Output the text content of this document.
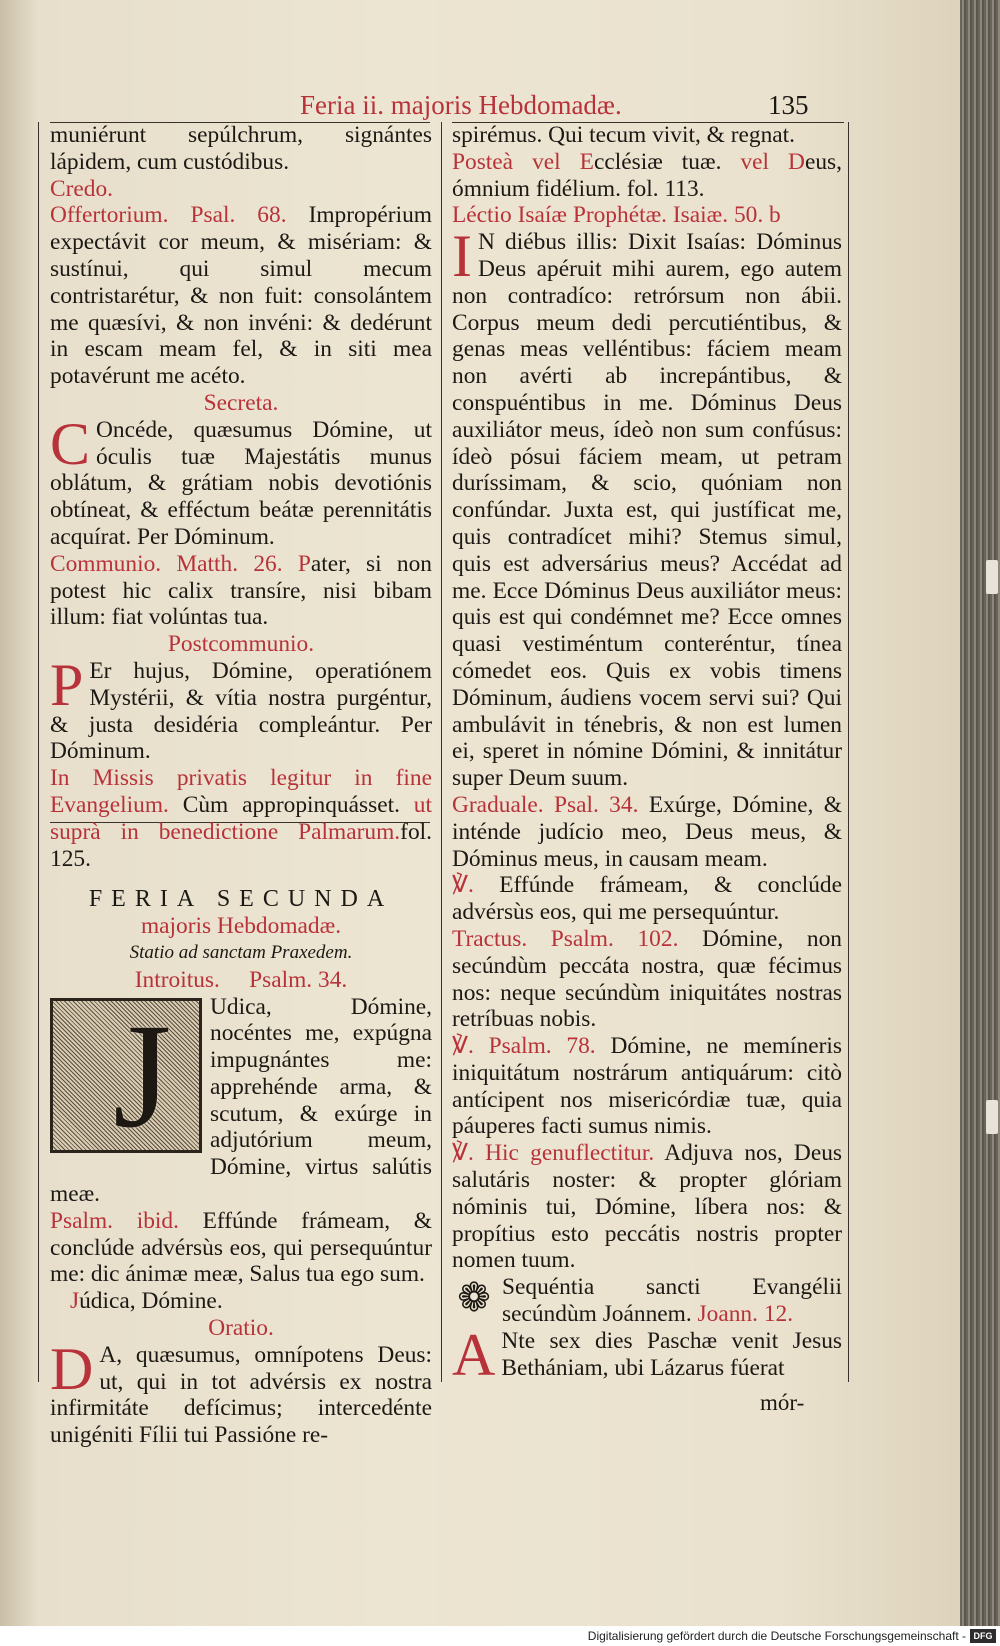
Feria ii. majoris Hebdomadæ.	135

muniérunt sepúlchrum, signántes lápidem, cum custódibus.

Credo.

Offertorium. Psal. 68. Impropérium expectávit cor meum, & misériam: & sustínui, qui simul mecum contristarétur, & non fuit: consolántem me quæsívi, & non invéni: & dedérunt in escam meam fel, & in siti mea potavérunt me acéto.

Secreta.

C Oncéde, quæsumus Dómine, ut óculis tuæ Majestátis munus oblátum, & grátiam nobis devotiónis obtíneat, & efféctum beátæ perennitátis acquírat. Per Dóminum.

Communio. Matth. 26. Pater, si non potest hic calix transíre, nisi bibam illum: fiat volúntas tua.

Postcommunio.

P Er hujus, Dómine, operatiónem Mystérii, & vítia nostra purgéntur, & justa desidéria compleántur. Per Dóminum.

In Missis privatis legitur in fine Evangelium. Cùm appropinquásset. ut suprà in benedictione Palmarum.fol. 125.

FERIA SECUNDA

majoris Hebdomadæ.

Statio ad sanctam Praxedem.

Introitus. Psalm. 34.

J Udica, Dómine, nocéntes me, expúgna impugnántes me: apprehénde arma, & scutum, & exúrge in adjutórium meum, Dómine, virtus salútis meæ.

Psalm. ibid. Effúnde frámeam, & conclúde advérsùs eos, qui persequúntur me: dic ánimæ meæ, Salus tua ego sum.

Júdica, Dómine.

Oratio.

D A, quæsumus, omnípotens Deus: ut, qui in tot advérsis ex nostra infirmitáte defícimus; intercedénte unigéniti Fílii tui Passióne re-

spirémus. Qui tecum vivit, & regnat.

Posteà vel Ecclésiæ tuæ. vel Deus, ómnium fidélium. fol. 113.

Léctio Isaíæ Prophétæ. Isaiæ. 50. b

I N diébus illis: Dixit Isaías: Dóminus Deus apéruit mihi aurem, ego autem non contradíco: retrórsum non ábii. Corpus meum dedi percutiéntibus, & genas meas velléntibus: fáciem meam non avérti ab increpántibus, & conspuéntibus in me. Dóminus Deus auxiliátor meus, ídeò non sum confúsus: ídeò pósui fáciem meam, ut petram duríssimam, & scio, quóniam non confúndar. Juxta est, qui justíficat me, quis contradícet mihi? Stemus simul, quis est adversárius meus? Accédat ad me. Ecce Dóminus Deus auxiliátor meus: quis est qui condémnet me? Ecce omnes quasi vestiméntum conteréntur, tínea cómedet eos. Quis ex vobis timens Dóminum, áudiens vocem servi sui? Qui ambulávit in ténebris, & non est lumen ei, speret in nómine Dómini, & innitátur super Deum suum.

Graduale. Psal. 34. Exúrge, Dómine, & inténde judício meo, Deus meus, & Dóminus meus, in causam meam.

℣. Effúnde frámeam, & conclúde advérsùs eos, qui me persequúntur.

Tractus. Psalm. 102. Dómine, non secúndùm peccáta nostra, quæ fécimus nos: neque secúndùm iniquitátes nostras retríbuas nobis.

℣. Psalm. 78. Dómine, ne memíneris iniquitátum nostrárum antiquárum: citò antícipent nos misericórdiæ tuæ, quia páuperes facti sumus nimis.

℣. Hic genuflectitur. Adjuva nos, Deus salutáris noster: & propter glóriam nóminis tui, Dómine, líbera nos: & propítius esto peccátis nostris propter nomen tuum.

❁ Sequéntia sancti Evangélii secúndùm Joánnem. Joann. 12.

A Nte sex dies Paschæ venit Jesus Bethániam, ubi Lázarus fúerat

mór-
Digitalisierung gefördert durch die Deutsche Forschungsgemeinschaft - DFG
